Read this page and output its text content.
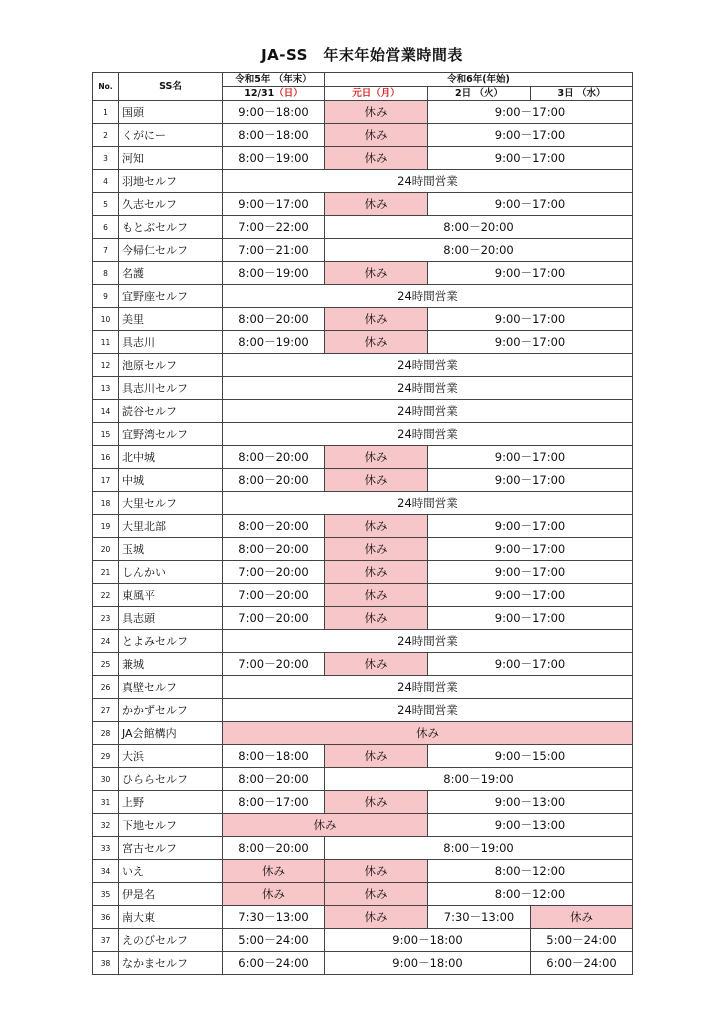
JA-SS　年末年始営業時間表
No.	SS名	令和5年 （年末）	令和6年(年始)		
		12/31（日）	元日（月）	2日 （火）	3日 （水）
1	国頭	9:00－18:00	休み	9:00－17:00	
2	くがにー	8:00－18:00	休み	9:00－17:00	
3	河知	8:00－19:00	休み	9:00－17:00	
4	羽地セルフ	24時間営業			
5	久志セルフ	9:00－17:00	休み	9:00－17:00	
6	もとぶセルフ	7:00－22:00	8:00－20:00		
7	今帰仁セルフ	7:00－21:00	8:00－20:00		
8	名護	8:00－19:00	休み	9:00－17:00	
9	宜野座セルフ	24時間営業			
10	美里	8:00－20:00	休み	9:00－17:00	
11	具志川	8:00－19:00	休み	9:00－17:00	
12	池原セルフ	24時間営業			
13	具志川セルフ	24時間営業			
14	読谷セルフ	24時間営業			
15	宜野湾セルフ	24時間営業			
16	北中城	8:00－20:00	休み	9:00－17:00	
17	中城	8:00－20:00	休み	9:00－17:00	
18	大里セルフ	24時間営業			
19	大里北部	8:00－20:00	休み	9:00－17:00	
20	玉城	8:00－20:00	休み	9:00－17:00	
21	しんかい	7:00－20:00	休み	9:00－17:00	
22	東風平	7:00－20:00	休み	9:00－17:00	
23	具志頭	7:00－20:00	休み	9:00－17:00	
24	とよみセルフ	24時間営業			
25	兼城	7:00－20:00	休み	9:00－17:00	
26	真壁セルフ	24時間営業			
27	かかずセルフ	24時間営業			
28	JA会館構内	休み			
29	大浜	8:00－18:00	休み	9:00－15:00	
30	ひららセルフ	8:00－20:00	8:00－19:00		
31	上野	8:00－17:00	休み	9:00－13:00	
32	下地セルフ	休み		9:00－13:00	
33	宮古セルフ	8:00－20:00	8:00－19:00		
34	いえ	休み	休み	8:00－12:00	
35	伊是名	休み	休み	8:00－12:00	
36	南大東	7:30－13:00	休み	7:30－13:00	休み
37	えのびセルフ	5:00－24:00	9:00－18:00		5:00－24:00
38	なかまセルフ	6:00－24:00	9:00－18:00		6:00－24:00
